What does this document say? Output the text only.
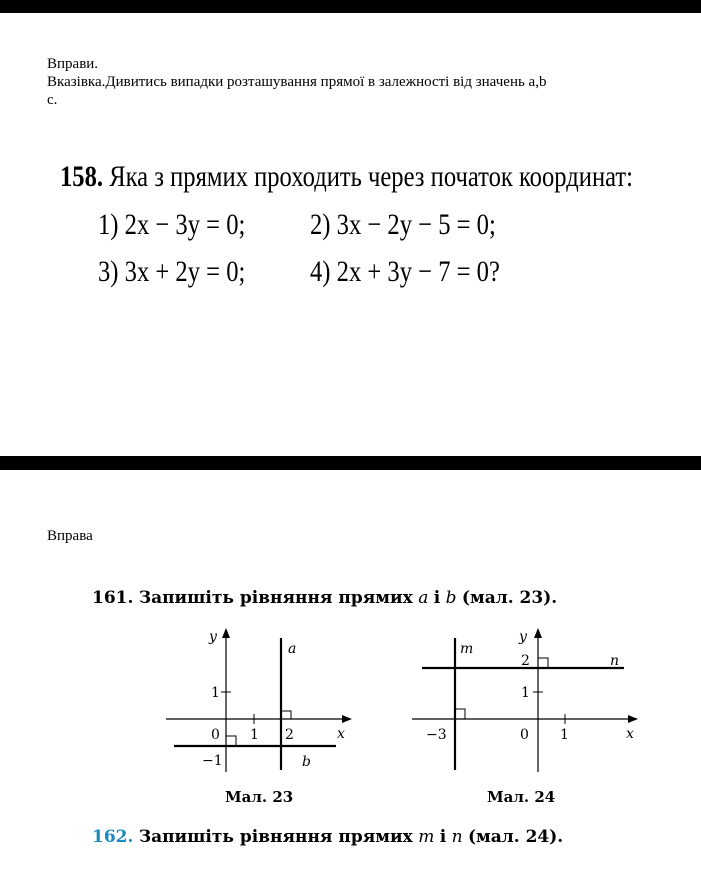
Вправи.
Вказівка.Дивитись випадки розташування прямої в залежності від значень a,b
c.
158. Яка з прямих проходить через початок координат:
1) 2x − 3y = 0; 2) 3x − 2y − 5 = 0;
3) 3x + 2y = 0; 4) 2x + 3y − 7 = 0?
Вправа
161. Запишіть рівняння прямих a і b (мал. 23).
y
x
a
b
1
0 1 2
−1
Мал. 23
y
x
m
n
2
1
−3	0 1
Мал. 24
162. Запишіть рівняння прямих m і n (мал. 24).
